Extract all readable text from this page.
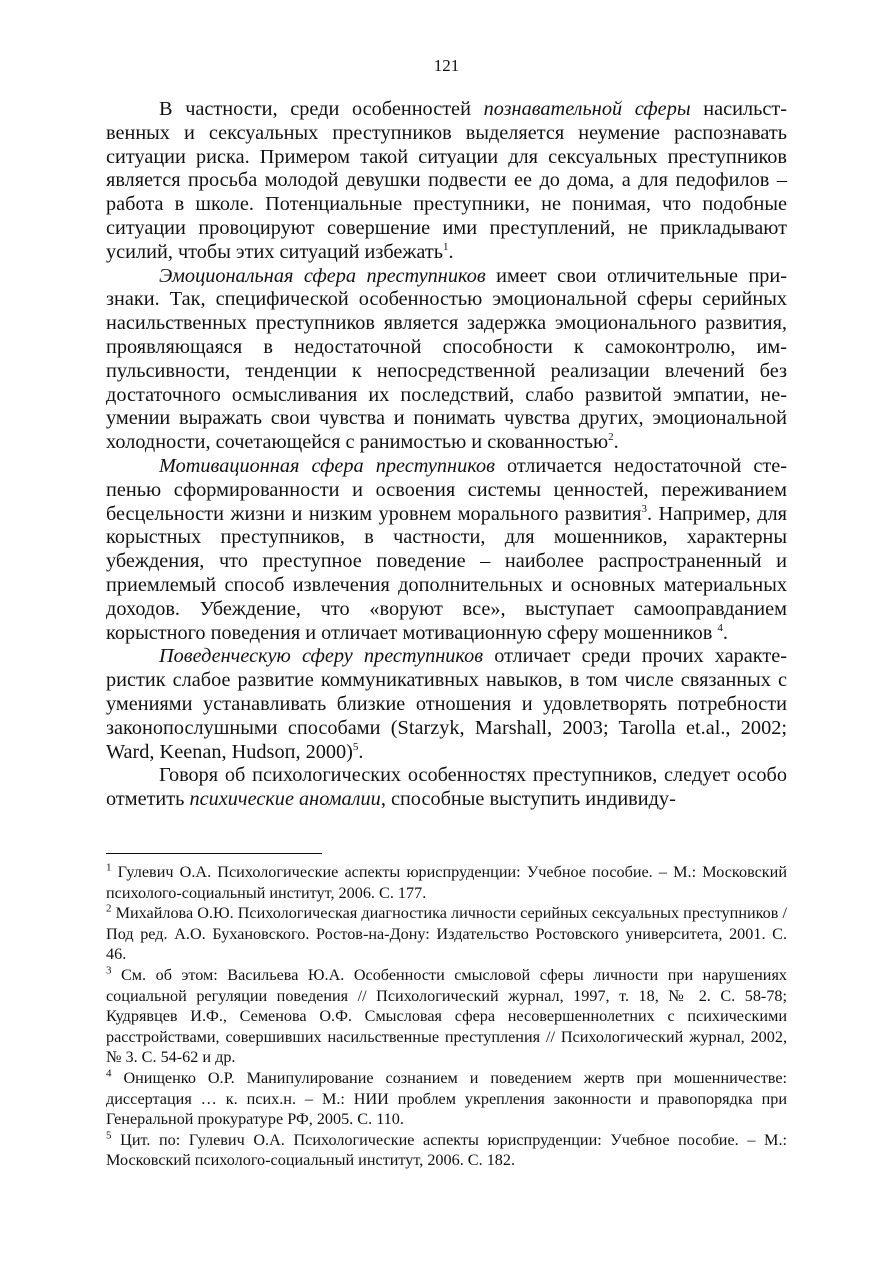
121

В частности, среди особенностей познавательной сферы насильственных и сексуальных преступников выделяется неумение распознавать ситуации риска. Примером такой ситуации для сексуальных преступников является просьба молодой девушки подвести ее до дома, а для педофилов – работа в школе. Потенциальные преступники, не понимая, что подобные ситуации провоцируют совершение ими преступлений, не прикладывают усилий, чтобы этих ситуаций избежать$^1$.

Эмоциональная сфера преступников имеет свои отличительные признаки. Так, специфической особенностью эмоциональной сферы серийных насильственных преступников является задержка эмоционального развития, проявляющаяся в недостаточной способности к самоконтролю, импульсивности, тенденции к непосредственной реализации влечений без достаточного осмысливания их последствий, слабо развитой эмпатии, неумении выражать свои чувства и понимать чувства других, эмоциональной холодности, сочетающейся с ранимостью и скованностью$^2$.

Мотивационная сфера преступников отличается недостаточной степенью сформированности и освоения системы ценностей, переживанием бесцельности жизни и низким уровнем морального развития$^3$. Например, для корыстных преступников, в частности, для мошенников, характерны убеждения, что преступное поведение – наиболее распространенный и приемлемый способ извлечения дополнительных и основных материальных доходов. Убеждение, что «воруют все», выступает самооправданием корыстного поведения и отличает мотивационную сферу мошенников $^4$.

Поведенческую сферу преступников отличает среди прочих характеристик слабое развитие коммуникативных навыков, в том числе связанных с умениями устанавливать близкие отношения и удовлетворять потребности законопослушными способами (Starzyk, Marshall, 2003; Tarolla et.al., 2002; Ward, Keenan, Hudsoп, 2000)$^5$.

Говоря об психологических особенностях преступников, следует особо отметить психические аномалии, способные выступить индивиду-

$^1$ Гулевич О.А. Психологические аспекты юриспруденции: Учебное пособие. – М.: Московский психолого-социальный институт, 2006. С. 177.

$^2$ Михайлова О.Ю. Психологическая диагностика личности серийных сексуальных преступников / Под ред. А.О. Бухановского. Ростов-на-Дону: Издательство Ростовского университета, 2001. С. 46.

$^3$ См. об этом: Васильева Ю.А. Особенности смысловой сферы личности при нарушениях социальной регуляции поведения // Психологический журнал, 1997, т. 18, № 2. С. 58-78; Кудрявцев И.Ф., Семенова О.Ф. Смысловая сфера несовершеннолетних с психическими расстройствами, совершивших насильственные преступления // Психологический журнал, 2002, № 3. С. 54-62 и др.

$^4$ Онищенко О.Р. Манипулирование сознанием и поведением жертв при мошенничестве: диссертация … к. псих.н. – М.: НИИ проблем укрепления законности и правопорядка при Генеральной прокуратуре РФ, 2005. С. 110.

$^5$ Цит. по: Гулевич О.А. Психологические аспекты юриспруденции: Учебное пособие. – М.: Московский психолого-социальный институт, 2006. С. 182.
